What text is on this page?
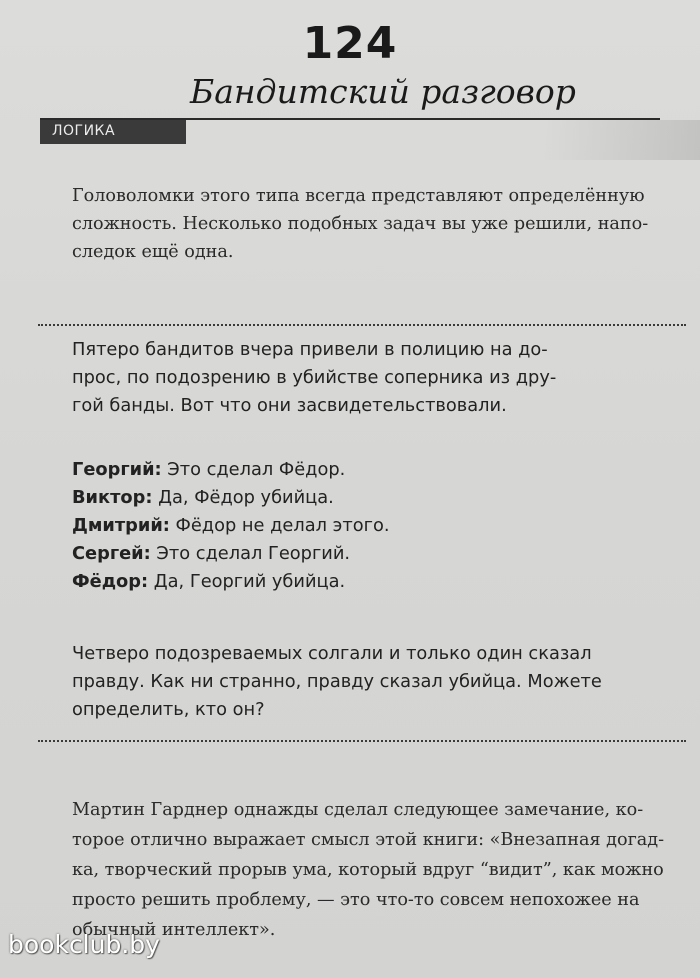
124
Бандитский разговор
ЛОГИКА
Головоломки этого типа всегда представляют определённую
сложность. Несколько подобных задач вы уже решили, напо-
следок ещё одна.
Пятеро бандитов вчера привели в полицию на до-
прос, по подозрению в убийстве соперника из дру-
гой банды. Вот что они засвидетельствовали.
Георгий: Это сделал Фёдор.
Виктор: Да, Фёдор убийца.
Дмитрий: Фёдор не делал этого.
Сергей: Это сделал Георгий.
Фёдор: Да, Георгий убийца.
Четверо подозреваемых солгали и только один сказал
правду. Как ни странно, правду сказал убийца. Можете
определить, кто он?
Мартин Гарднер однажды сделал следующее замечание, ко-
торое отлично выражает смысл этой книги: «Внезапная догад-
ка, творческий прорыв ума, который вдруг “видит”, как можно
просто решить проблему, — это что-то совсем непохожее на
обычный интеллект».
bookclub.by
